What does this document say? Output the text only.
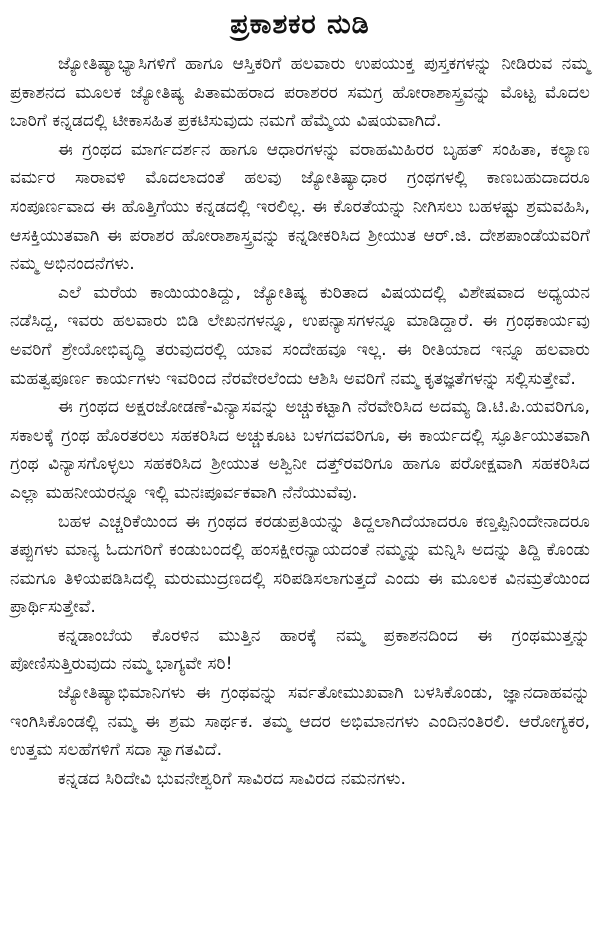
ಪ್ರಕಾಶಕರ ನುಡಿ

ಜ್ಯೋತಿಷ್ಯಾಭ್ಯಾಸಿಗಳಿಗೆ ಹಾಗೂ ಆಸ್ತಿಕರಿಗೆ ಹಲವಾರು ಉಪಯುಕ್ತ ಪುಸ್ತಕಗಳನ್ನು ನೀಡಿರುವ ನಮ್ಮ ಪ್ರಕಾಶನದ ಮೂಲಕ ಜ್ಯೋತಿಷ್ಯ ಪಿತಾಮಹರಾದ ಪರಾಶರರ ಸಮಗ್ರ ಹೋರಾಶಾಸ್ತ್ರವನ್ನು ಮೊಟ್ಟ ಮೊದಲ ಬಾರಿಗೆ ಕನ್ನಡದಲ್ಲಿ ಟೀಕಾಸಹಿತ ಪ್ರಕಟಿಸುವುದು ನಮಗೆ ಹೆಮ್ಮೆಯ ವಿಷಯವಾಗಿದೆ.

ಈ ಗ್ರಂಥದ ಮಾರ್ಗದರ್ಶನ ಹಾಗೂ ಆಧಾರಗಳನ್ನು ವರಾಹಮಿಹಿರರ ಬೃಹತ್ ಸಂಹಿತಾ, ಕಲ್ಯಾಣ ವರ್ಮರ ಸಾರಾವಳಿ ಮೊದಲಾದಂತೆ ಹಲವು ಜ್ಯೋತಿಷ್ಯಾಧಾರ ಗ್ರಂಥಗಳಲ್ಲಿ ಕಾಣಬಹುದಾದರೂ ಸಂಪೂರ್ಣವಾದ ಈ ಹೊತ್ತಿಗೆಯು ಕನ್ನಡದಲ್ಲಿ ಇರಲಿಲ್ಲ. ಈ ಕೊರತೆಯನ್ನು ನೀಗಿಸಲು ಬಹಳಷ್ಟು ಶ್ರಮವಹಿಸಿ, ಆಸಕ್ತಿಯುತವಾಗಿ ಈ ಪರಾಶರ ಹೋರಾಶಾಸ್ತ್ರವನ್ನು ಕನ್ನಡೀಕರಿಸಿದ ಶ್ರೀಯುತ ಆರ್.ಜಿ. ದೇಶಪಾಂಡೆಯವರಿಗೆ ನಮ್ಮ ಅಭಿನಂದನೆಗಳು.

ಎಲೆ ಮರೆಯ ಕಾಯಿಯಂತಿದ್ದು, ಜ್ಯೋತಿಷ್ಯ ಕುರಿತಾದ ವಿಷಯದಲ್ಲಿ ವಿಶೇಷವಾದ ಅಧ್ಯಯನ ನಡೆಸಿದ್ದ, ಇವರು ಹಲವಾರು ಬಿಡಿ ಲೇಖನಗಳನ್ನೂ, ಉಪನ್ಯಾಸಗಳನ್ನೂ ಮಾಡಿದ್ದಾರೆ. ಈ ಗ್ರಂಥಕಾರ್ಯವು ಅವರಿಗೆ ಶ್ರೇಯೋಭಿವೃದ್ಧಿ ತರುವುದರಲ್ಲಿ ಯಾವ ಸಂದೇಹವೂ ಇಲ್ಲ. ಈ ರೀತಿಯಾದ ಇನ್ನೂ ಹಲವಾರು ಮಹತ್ವಪೂರ್ಣ ಕಾರ್ಯಗಳು ಇವರಿಂದ ನೆರವೇರಲೆಂದು ಆಶಿಸಿ ಅವರಿಗೆ ನಮ್ಮ ಕೃತಜ್ಞತೆಗಳನ್ನು ಸಲ್ಲಿಸುತ್ತೇವೆ.

ಈ ಗ್ರಂಥದ ಅಕ್ಷರಜೋಡಣೆ-ವಿನ್ಯಾಸವನ್ನು ಅಚ್ಚುಕಟ್ಟಾಗಿ ನೆರವೇರಿಸಿದ ಅದಮ್ಯ ಡಿ.ಟಿ.ಪಿ.ಯವರಿಗೂ, ಸಕಾಲಕ್ಕೆ ಗ್ರಂಥ ಹೊರತರಲು ಸಹಕರಿಸಿದ ಅಚ್ಚುಕೂಟ ಬಳಗದವರಿಗೂ, ಈ ಕಾರ್ಯದಲ್ಲಿ ಸ್ಫೂರ್ತಿಯುತವಾಗಿ ಗ್ರಂಥ ವಿನ್ಯಾಸಗೊಳ್ಳಲು ಸಹಕರಿಸಿದ ಶ್ರೀಯುತ ಅಶ್ವಿನೀ ದತ್ತ್‌ರವರಿಗೂ ಹಾಗೂ ಪರೋಕ್ಷವಾಗಿ ಸಹಕರಿಸಿದ ಎಲ್ಲಾ ಮಹನೀಯರನ್ನೂ ಇಲ್ಲಿ ಮನಃಪೂರ್ವಕವಾಗಿ ನೆನೆಯುವೆವು.

ಬಹಳ ಎಚ್ಚರಿಕೆಯಿಂದ ಈ ಗ್ರಂಥದ ಕರಡುಪ್ರತಿಯನ್ನು ತಿದ್ದಲಾಗಿದೆಯಾದರೂ ಕಣ್ತಪ್ಪಿನಿಂದೇನಾದರೂ ತಪ್ಪುಗಳು ಮಾನ್ಯ ಓದುಗರಿಗೆ ಕಂಡುಬಂದಲ್ಲಿ ಹಂಸಕ್ಷೀರನ್ಯಾಯದಂತೆ ನಮ್ಮನ್ನು ಮನ್ನಿಸಿ ಅದನ್ನು ತಿದ್ದಿ ಕೊಂಡು ನಮಗೂ ತಿಳಿಯಪಡಿಸಿದಲ್ಲಿ ಮರುಮುದ್ರಣದಲ್ಲಿ ಸರಿಪಡಿಸಲಾಗುತ್ತದೆ ಎಂದು ಈ ಮೂಲಕ ವಿನಮ್ರತೆಯಿಂದ ಪ್ರಾರ್ಥಿಸುತ್ತೇವೆ.

ಕನ್ನಡಾಂಬೆಯ ಕೊರಳಿನ ಮುತ್ತಿನ ಹಾರಕ್ಕೆ ನಮ್ಮ ಪ್ರಕಾಶನದಿಂದ ಈ ಗ್ರಂಥಮುತ್ತನ್ನು ಪೋಣಿಸುತ್ತಿರುವುದು ನಮ್ಮ ಭಾಗ್ಯವೇ ಸರಿ!

ಜ್ಯೋತಿಷ್ಯಾಭಿಮಾನಿಗಳು ಈ ಗ್ರಂಥವನ್ನು ಸರ್ವತೋಮುಖವಾಗಿ ಬಳಸಿಕೊಂಡು, ಜ್ಞಾನದಾಹವನ್ನು ಇಂಗಿಸಿಕೊಂಡಲ್ಲಿ ನಮ್ಮ ಈ ಶ್ರಮ ಸಾರ್ಥಕ. ತಮ್ಮ ಆದರ ಅಭಿಮಾನಗಳು ಎಂದಿನಂತಿರಲಿ. ಆರೋಗ್ಯಕರ, ಉತ್ತಮ ಸಲಹೆಗಳಿಗೆ ಸದಾ ಸ್ವಾಗತವಿದೆ.

ಕನ್ನಡದ ಸಿರಿದೇವಿ ಭುವನೇಶ್ವರಿಗೆ ಸಾವಿರದ ಸಾವಿರದ ನಮನಗಳು.
